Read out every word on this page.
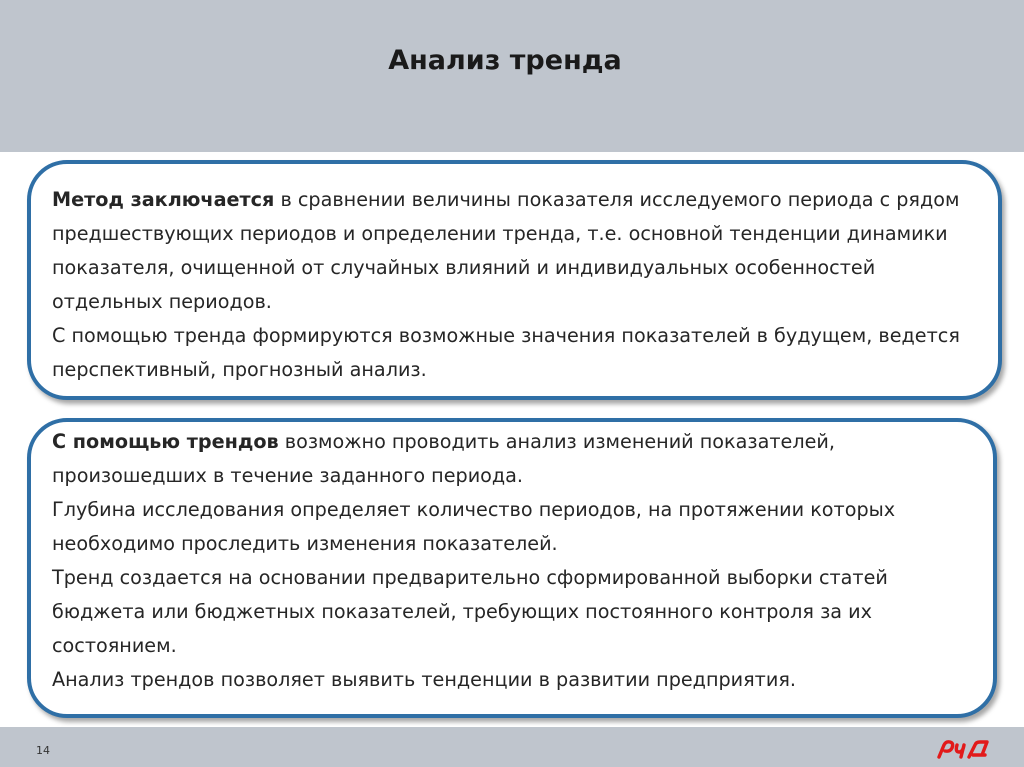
Анализ тренда

Метод заключается в сравнении величины показателя исследуемого периода с рядом предшествующих периодов и определении тренда, т.е. основной тенденции динамики показателя, очищенной от случайных влияний и индивидуальных особенностей отдельных периодов.
С помощью тренда формируются возможные значения показателей в будущем, ведется перспективный, прогнозный анализ.

С помощью трендов возможно проводить анализ изменений показателей, произошедших в течение заданного периода.
Глубина исследования определяет количество периодов, на протяжении которых необходимо проследить изменения показателей.
Тренд создается на основании предварительно сформированной выборки статей бюджета или бюджетных показателей, требующих постоянного контроля за их состоянием.
Анализ трендов позволяет выявить тенденции в развитии предприятия.

14
